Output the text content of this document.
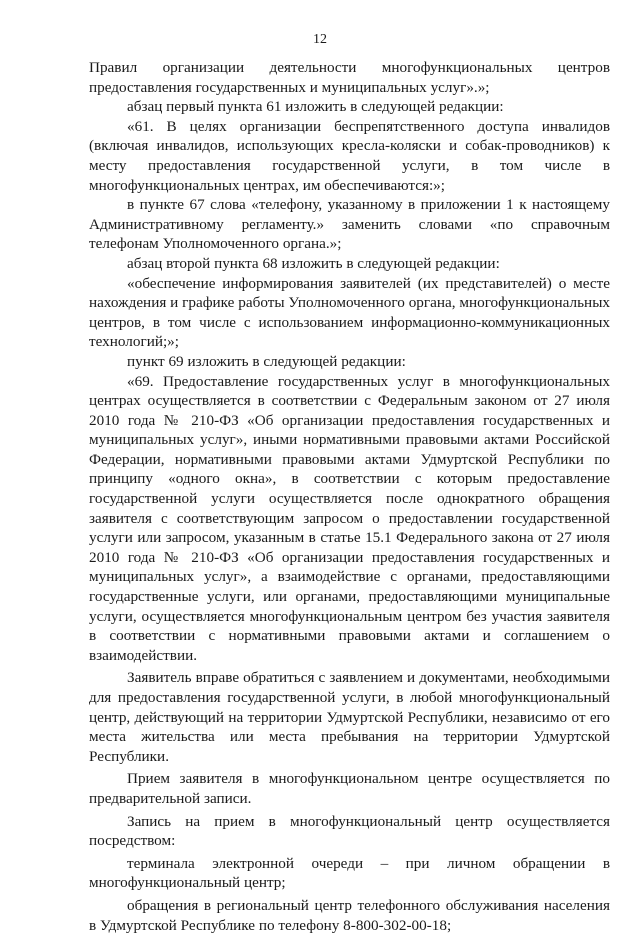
12

Правил организации деятельности многофункциональных центров предоставления государственных и муниципальных услуг».»;

абзац первый пункта 61 изложить в следующей редакции:

«61. В целях организации беспрепятственного доступа инвалидов (включая инвалидов, использующих кресла-коляски и собак-проводников) к месту предоставления государственной услуги, в том числе в многофункциональных центрах, им обеспечиваются:»;

в пункте 67 слова «телефону, указанному в приложении 1 к настоящему Административному регламенту.» заменить словами «по справочным телефонам Уполномоченного органа.»;

абзац второй пункта 68 изложить в следующей редакции:

«обеспечение информирования заявителей (их представителей) о месте нахождения и графике работы Уполномоченного органа, многофункциональных центров, в том числе с использованием информационно-коммуникационных технологий;»;

пункт 69 изложить в следующей редакции:

«69. Предоставление государственных услуг в многофункциональных центрах осуществляется в соответствии с Федеральным законом от 27 июля 2010 года № 210-ФЗ «Об организации предоставления государственных и муниципальных услуг», иными нормативными правовыми актами Российской Федерации, нормативными правовыми актами Удмуртской Республики по принципу «одного окна», в соответствии с которым предоставление государственной услуги осуществляется после однократного обращения заявителя с соответствующим запросом о предоставлении государственной услуги или запросом, указанным в статье 15.1 Федерального закона от 27 июля 2010 года № 210-ФЗ «Об организации предоставления государственных и муниципальных услуг», а взаимодействие с органами, предоставляющими государственные услуги, или органами, предоставляющими муниципальные услуги, осуществляется многофункциональным центром без участия заявителя в соответствии с нормативными правовыми актами и соглашением о взаимодействии.

Заявитель вправе обратиться с заявлением и документами, необходимыми для предоставления государственной услуги, в любой многофункциональный центр, действующий на территории Удмуртской Республики, независимо от его места жительства или места пребывания на территории Удмуртской Республики.

Прием заявителя в многофункциональном центре осуществляется по предварительной записи.

Запись на прием в многофункциональный центр осуществляется посредством:

терминала электронной очереди – при личном обращении в многофункциональный центр;

обращения в региональный центр телефонного обслуживания населения в Удмуртской Республике по телефону 8-800-302-00-18;
